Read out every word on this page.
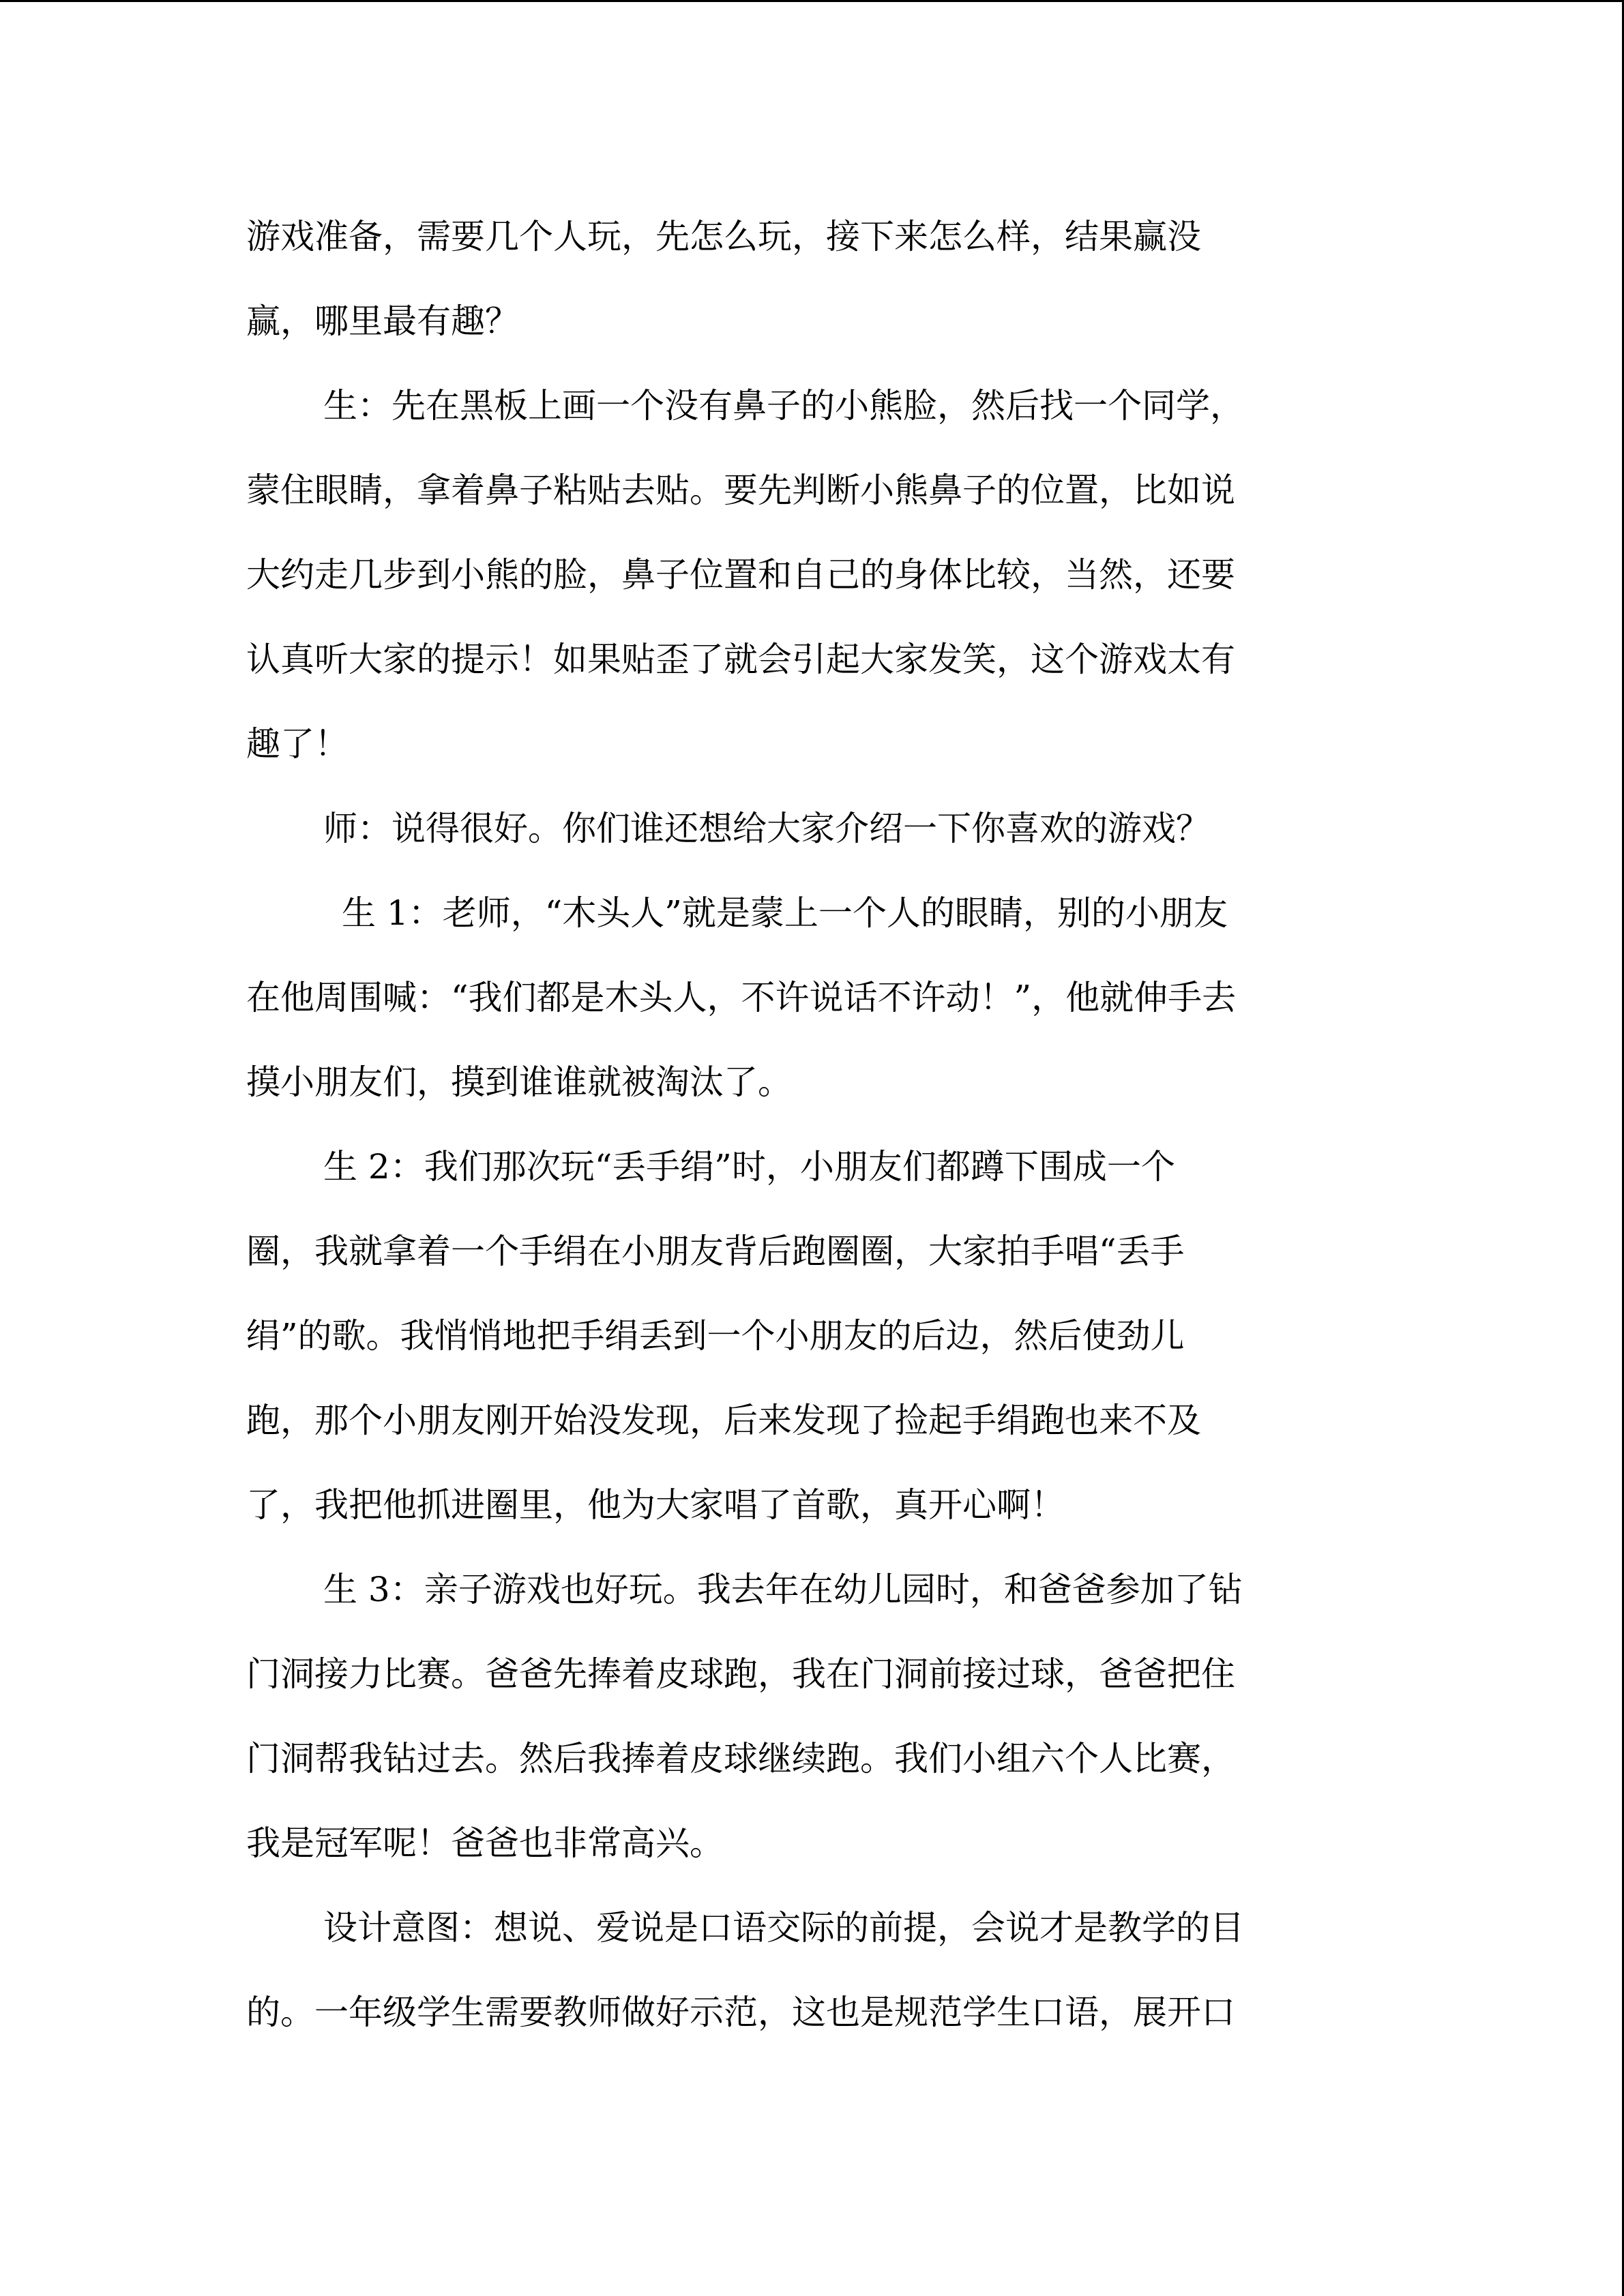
游戏准备，需要几个人玩，先怎么玩，接下来怎么样，结果赢没
赢，哪里最有趣？
生：先在黑板上画一个没有鼻子的小熊脸，然后找一个同学，
蒙住眼睛，拿着鼻子粘贴去贴。要先判断小熊鼻子的位置，比如说
大约走几步到小熊的脸，鼻子位置和自己的身体比较，当然，还要
认真听大家的提示！如果贴歪了就会引起大家发笑，这个游戏太有
趣了！
师：说得很好。你们谁还想给大家介绍一下你喜欢的游戏？
生 1：老师，“木头人”就是蒙上一个人的眼睛，别的小朋友
在他周围喊：“我们都是木头人，不许说话不许动！”，他就伸手去
摸小朋友们，摸到谁谁就被淘汰了。
生 2：我们那次玩“丢手绢”时，小朋友们都蹲下围成一个
圈，我就拿着一个手绢在小朋友背后跑圈圈，大家拍手唱“丢手
绢”的歌。我悄悄地把手绢丢到一个小朋友的后边，然后使劲儿
跑，那个小朋友刚开始没发现，后来发现了捡起手绢跑也来不及
了，我把他抓进圈里，他为大家唱了首歌，真开心啊！
生 3：亲子游戏也好玩。我去年在幼儿园时，和爸爸参加了钻
门洞接力比赛。爸爸先捧着皮球跑，我在门洞前接过球，爸爸把住
门洞帮我钻过去。然后我捧着皮球继续跑。我们小组六个人比赛，
我是冠军呢！爸爸也非常高兴。
设计意图：想说、爱说是口语交际的前提，会说才是教学的目
的。一年级学生需要教师做好示范，这也是规范学生口语，展开口
